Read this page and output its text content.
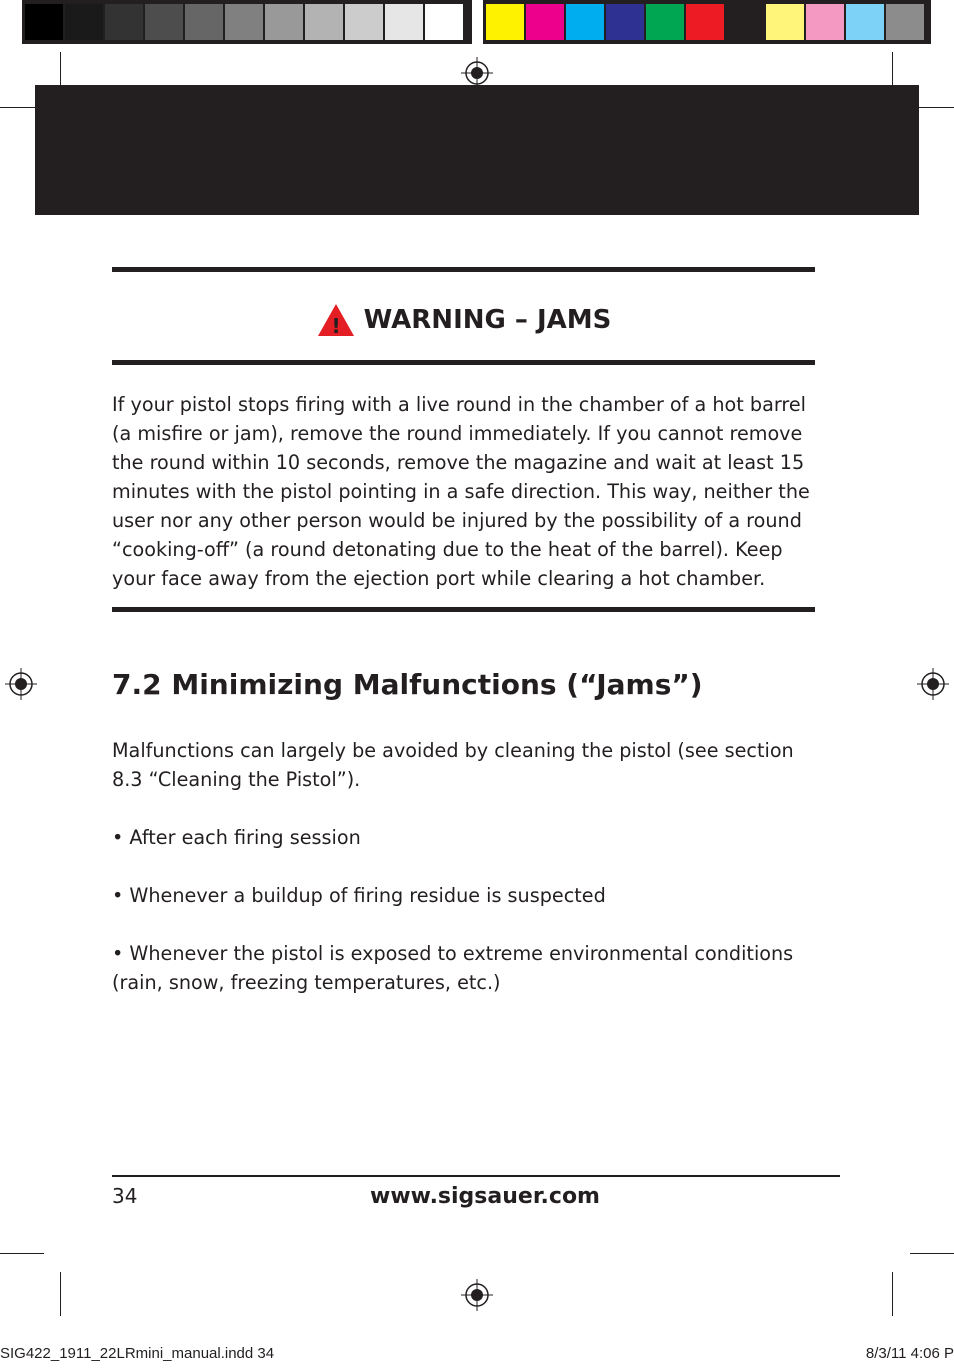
! WARNING – JAMS

If your pistol stops firing with a live round in the chamber of a hot barrel (a misfire or jam), remove the round immediately. If you cannot remove the round within 10 seconds, remove the magazine and wait at least 15 minutes with the pistol pointing in a safe direction. This way, neither the user nor any other person would be injured by the possibility of a round “cooking-off” (a round detonating due to the heat of the barrel). Keep your face away from the ejection port while clearing a hot chamber.

7.2 Minimizing Malfunctions (“Jams”)

Malfunctions can largely be avoided by cleaning the pistol (see section 8.3 “Cleaning the Pistol”).

• After each firing session

• Whenever a buildup of firing residue is suspected

• Whenever the pistol is exposed to extreme environmental conditions (rain, snow, freezing temperatures, etc.)

34	www.sigsauer.com
SIG422_1911_22LRmini_manual.indd 34	8/3/11 4:06 P
